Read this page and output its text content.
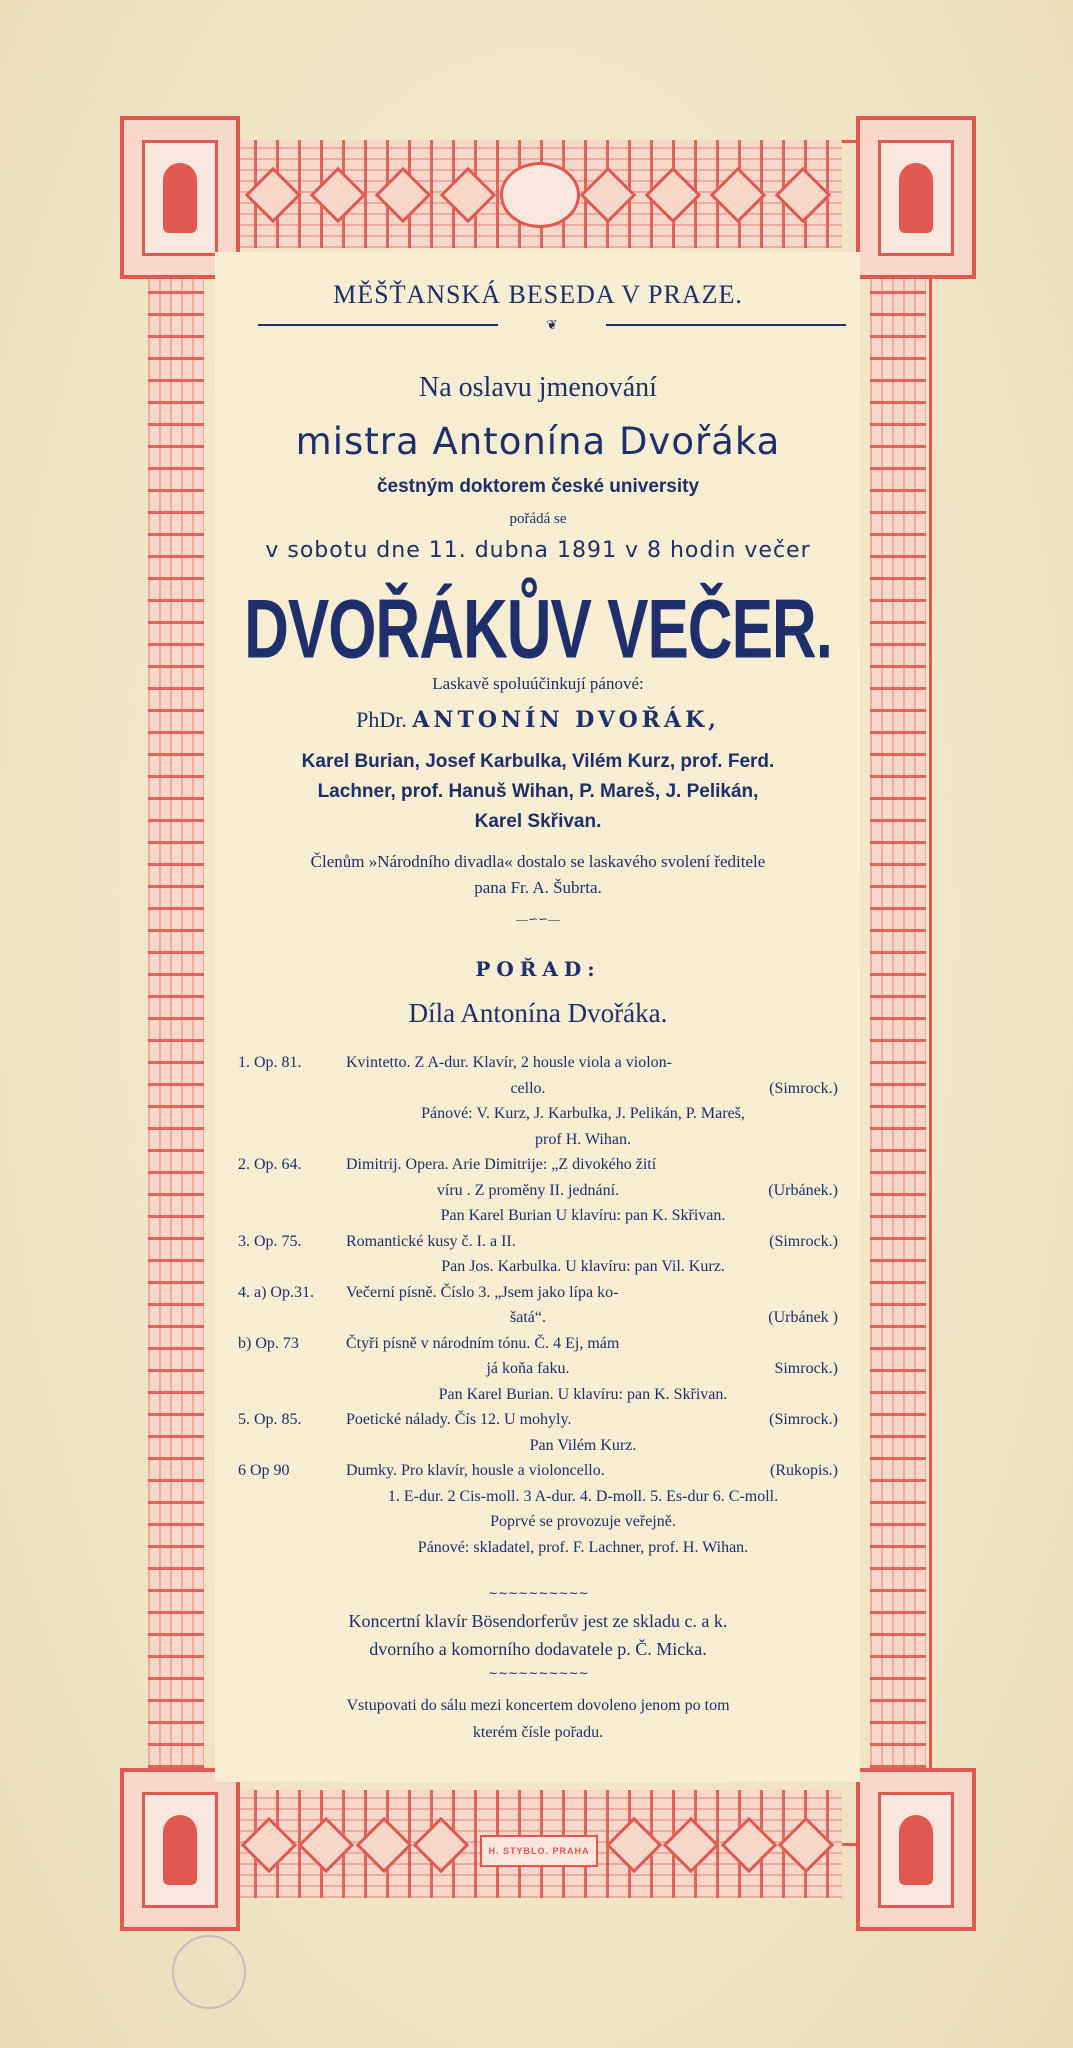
H. STYBLO. PRAHA
MĚŠŤANSKÁ BESEDA V PRAZE.
❦
Na oslavu jmenování
mistra Antonína Dvořáka
čestným doktorem české university
pořádá se
v sobotu dne 11. dubna 1891 v 8 hodin večer
DVOŘÁKŮV VEČER.
Laskavě spoluúčinkují pánové:
PhDr. ANTONÍN DVOŘÁK,
Karel Burian, Josef Karbulka, Vilém Kurz, prof. Ferd.
Lachner, prof. Hanuš Wihan, P. Mareš, J. Pelikán,
Karel Skřivan.
Členům »Národního divadla« dostalo se laskavého svolení ředitele
pana Fr. A. Šubrta.
—∽∽—
POŘAD:
Díla Antonína Dvořáka.
1. Op. 81.	Kvintetto. Z A-dur. Klavír, 2 housle viola a violon-
cello.	(Simrock.)
Pánové: V. Kurz, J. Karbulka, J. Pelikán, P. Mareš,
prof H. Wihan.
2. Op. 64.	Dimitrij. Opera. Arie Dimitrije: „Z divokého žití
víru . Z proměny II. jednání.	(Urbánek.)
Pan Karel Burian U klavíru: pan K. Skřivan.
3. Op. 75.	Romantické kusy č. I. a II.	(Simrock.)
Pan Jos. Karbulka. U klavíru: pan Vil. Kurz.
4. a) Op.31. Večerní písně. Číslo 3. „Jsem jako lípa ko-
šatá“.	(Urbánek )
b) Op. 73	Čtyři písně v národním tónu. Č. 4 Ej, mám
já koňa faku.	Simrock.)
Pan Karel Burian. U klavíru: pan K. Skřivan.
5. Op. 85.	Poetické nálady. Čís 12. U mohyly.	(Simrock.)
Pan Vilém Kurz.
6 Op 90	Dumky. Pro klavír, housle a violoncello.	(Rukopis.)
1. E-dur. 2 Cis-moll. 3 A-dur. 4. D-moll. 5. Es-dur 6. C-moll.
Poprvé se provozuje veřejně.
Pánové: skladatel, prof. F. Lachner, prof. H. Wihan.
∼∼∼∼∼∼∼∼∼∼
Koncertní klavír Bösendorferův jest ze skladu c. a k.
dvorního a komorního dodavatele p. Č. Micka.
∼∼∼∼∼∼∼∼∼∼
Vstupovati do sálu mezi koncertem dovoleno jenom po tom
kterém čísle pořadu.
